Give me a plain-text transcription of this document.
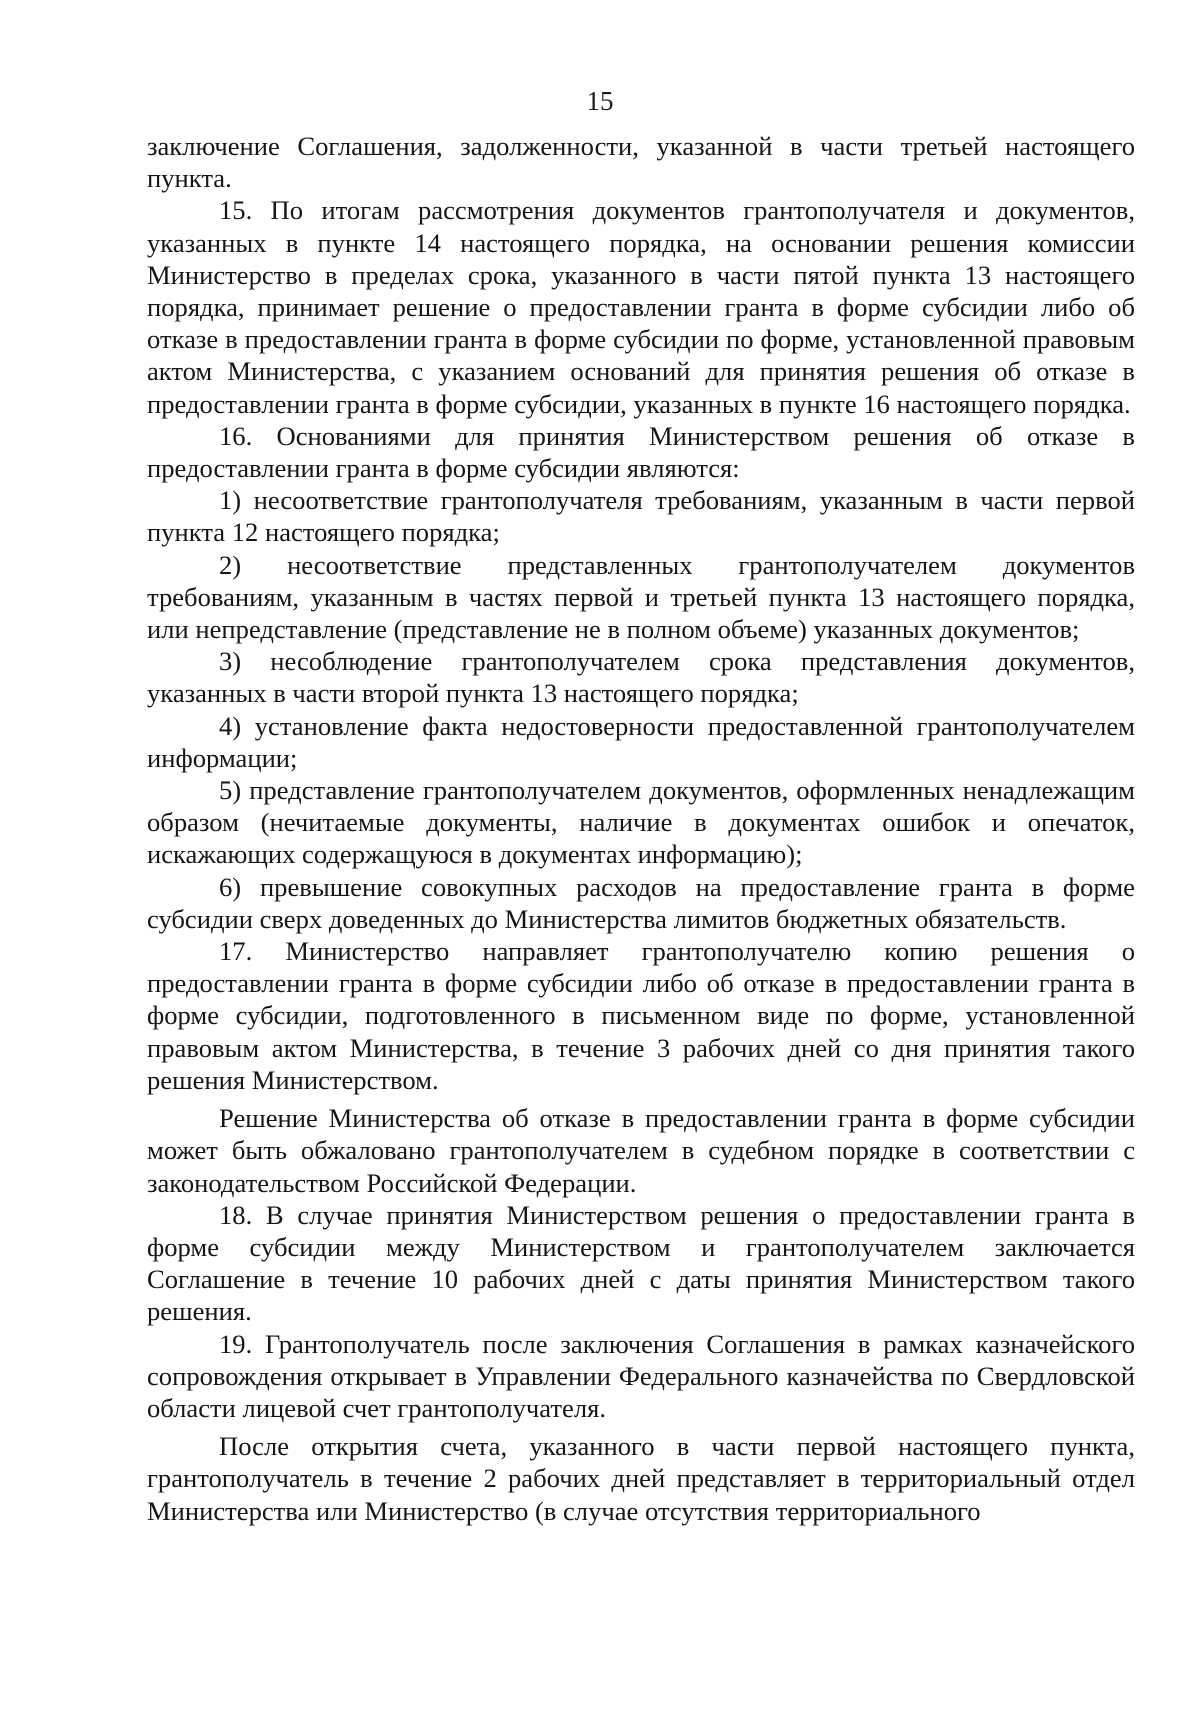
15

заключение Соглашения, задолженности, указанной в части третьей настоящего пункта.

15. По итогам рассмотрения документов грантополучателя и документов, указанных в пункте 14 настоящего порядка, на основании решения комиссии Министерство в пределах срока, указанного в части пятой пункта 13 настоящего порядка, принимает решение о предоставлении гранта в форме субсидии либо об отказе в предоставлении гранта в форме субсидии по форме, установленной правовым актом Министерства, с указанием оснований для принятия решения об отказе в предоставлении гранта в форме субсидии, указанных в пункте 16 настоящего порядка.

16. Основаниями для принятия Министерством решения об отказе в предоставлении гранта в форме субсидии являются:

1) несоответствие грантополучателя требованиям, указанным в части первой пункта 12 настоящего порядка;

2) несоответствие представленных грантополучателем документов требованиям, указанным в частях первой и третьей пункта 13 настоящего порядка, или непредставление (представление не в полном объеме) указанных документов;

3) несоблюдение грантополучателем срока представления документов, указанных в части второй пункта 13 настоящего порядка;

4) установление факта недостоверности предоставленной грантополучателем информации;

5) представление грантополучателем документов, оформленных ненадлежащим образом (нечитаемые документы, наличие в документах ошибок и опечаток, искажающих содержащуюся в документах информацию);

6) превышение совокупных расходов на предоставление гранта в форме субсидии сверх доведенных до Министерства лимитов бюджетных обязательств.

17. Министерство направляет грантополучателю копию решения о предоставлении гранта в форме субсидии либо об отказе в предоставлении гранта в форме субсидии, подготовленного в письменном виде по форме, установленной правовым актом Министерства, в течение 3 рабочих дней со дня принятия такого решения Министерством.

Решение Министерства об отказе в предоставлении гранта в форме субсидии может быть обжаловано грантополучателем в судебном порядке в соответствии с законодательством Российской Федерации.

18. В случае принятия Министерством решения о предоставлении гранта в форме субсидии между Министерством и грантополучателем заключается Соглашение в течение 10 рабочих дней с даты принятия Министерством такого решения.

19. Грантополучатель после заключения Соглашения в рамках казначейского сопровождения открывает в Управлении Федерального казначейства по Свердловской области лицевой счет грантополучателя.

После открытия счета, указанного в части первой настоящего пункта, грантополучатель в течение 2 рабочих дней представляет в территориальный отдел Министерства или Министерство (в случае отсутствия территориального
